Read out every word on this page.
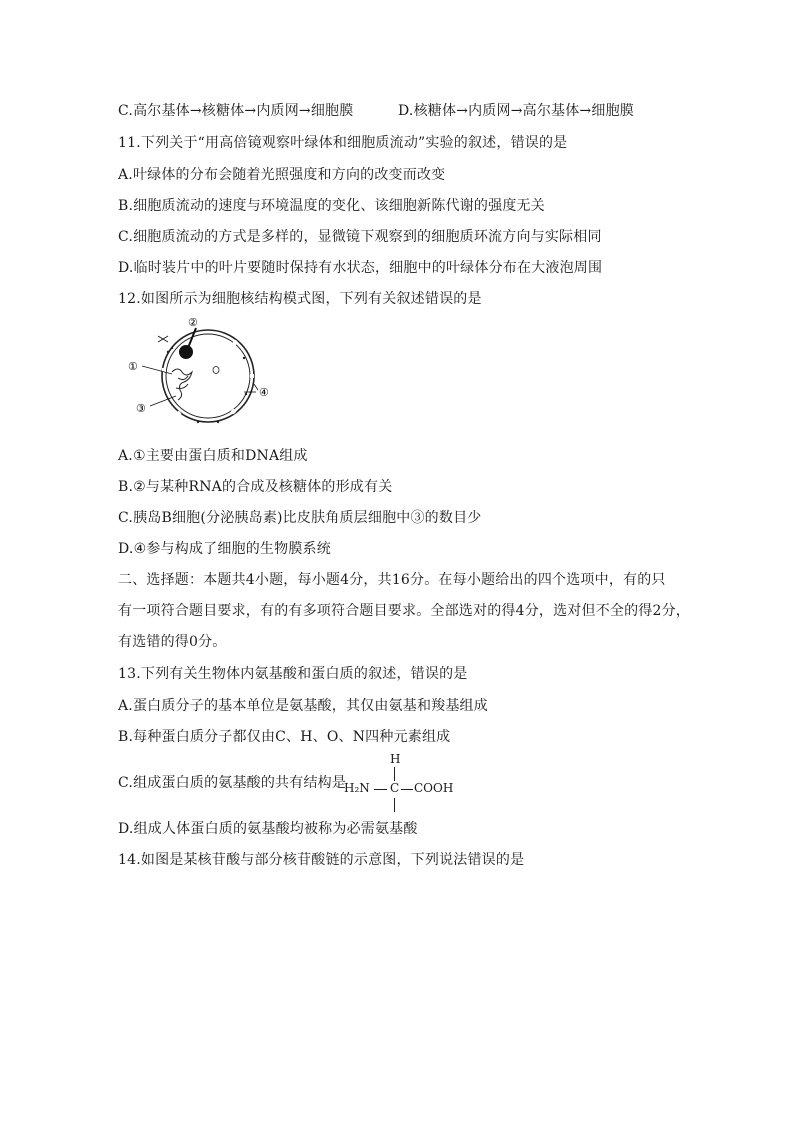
C.高尔基体→核糖体→内质网→细胞膜	D.核糖体→内质网→高尔基体→细胞膜
11.下列关于“用高倍镜观察叶绿体和细胞质流动”实验的叙述，错误的是
A.叶绿体的分布会随着光照强度和方向的改变而改变
B.细胞质流动的速度与环境温度的变化、该细胞新陈代谢的强度无关
C.细胞质流动的方式是多样的，显微镜下观察到的细胞质环流方向与实际相同
D.临时装片中的叶片要随时保持有水状态，细胞中的叶绿体分布在大液泡周围
12.如图所示为细胞核结构模式图，下列有关叙述错误的是
②
①
③
④
A.①主要由蛋白质和DNA组成
B.②与某种RNA的合成及核糖体的形成有关
C.胰岛B细胞(分泌胰岛素)比皮肤角质层细胞中③的数目少
D.④参与构成了细胞的生物膜系统
二、选择题：本题共4小题，每小题4分，共16分。在每小题给出的四个选项中，有的只
有一项符合题目要求，有的有多项符合题目要求。全部选对的得4分，选对但不全的得2分，
有选错的得0分。
13.下列有关生物体内氨基酸和蛋白质的叙述，错误的是
A.蛋白质分子的基本单位是氨基酸，其仅由氨基和羧基组成
B.每种蛋白质分子都仅由C、H、O、N四种元素组成
C.组成蛋白质的氨基酸的共有结构是
H
H₂N C COOH
D.组成人体蛋白质的氨基酸均被称为必需氨基酸
14.如图是某核苷酸与部分核苷酸链的示意图，下列说法错误的是
